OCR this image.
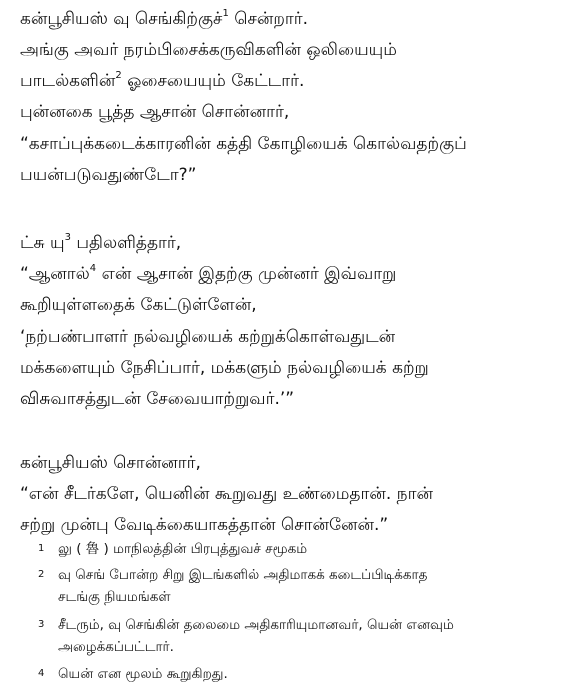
கன்பூசியஸ் வு செங்கிற்குச்$^1$ சென்றார்.
அங்கு அவர் நரம்பிசைக்கருவிகளின் ஒலியையும்
பாடல்களின்$^2$ ஓசையையும் கேட்டார்.
புன்னகை பூத்த ஆசான் சொன்னார்,
“கசாப்புக்கடைக்காரனின் கத்தி கோழியைக் கொல்வதற்குப்
பயன்படுவதுண்டோ?”
ட்சு யு$^3$ பதிலளித்தார்,
“ஆனால்$^4$ என் ஆசான் இதற்கு முன்னர் இவ்வாறு
கூறியுள்ளதைக் கேட்டுள்ளேன்,
‘நற்பண்பாளர் நல்வழியைக் கற்றுக்கொள்வதுடன்
மக்களையும் நேசிப்பார், மக்களும் நல்வழியைக் கற்று
விசுவாசத்துடன் சேவையாற்றுவர்.’”
கன்பூசியஸ் சொன்னார்,
“என் சீடர்களே, யெனின் கூறுவது உண்மைதான். நான்
சற்று முன்பு வேடிக்கையாகத்தான் சொன்னேன்.”
1 லு ( 魯 ) மாநிலத்தின் பிரபுத்துவச் சமூகம்
2 வு செங் போன்ற சிறு இடங்களில் அதிமாகக் கடைப்பிடிக்காத
சடங்கு நியமங்கள்
3 சீடரும், வு செங்கின் தலைமை அதிகாரியுமானவர், யென் எனவும்
அழைக்கப்பட்டார்.
4 யென் என மூலம் கூறுகிறது.
